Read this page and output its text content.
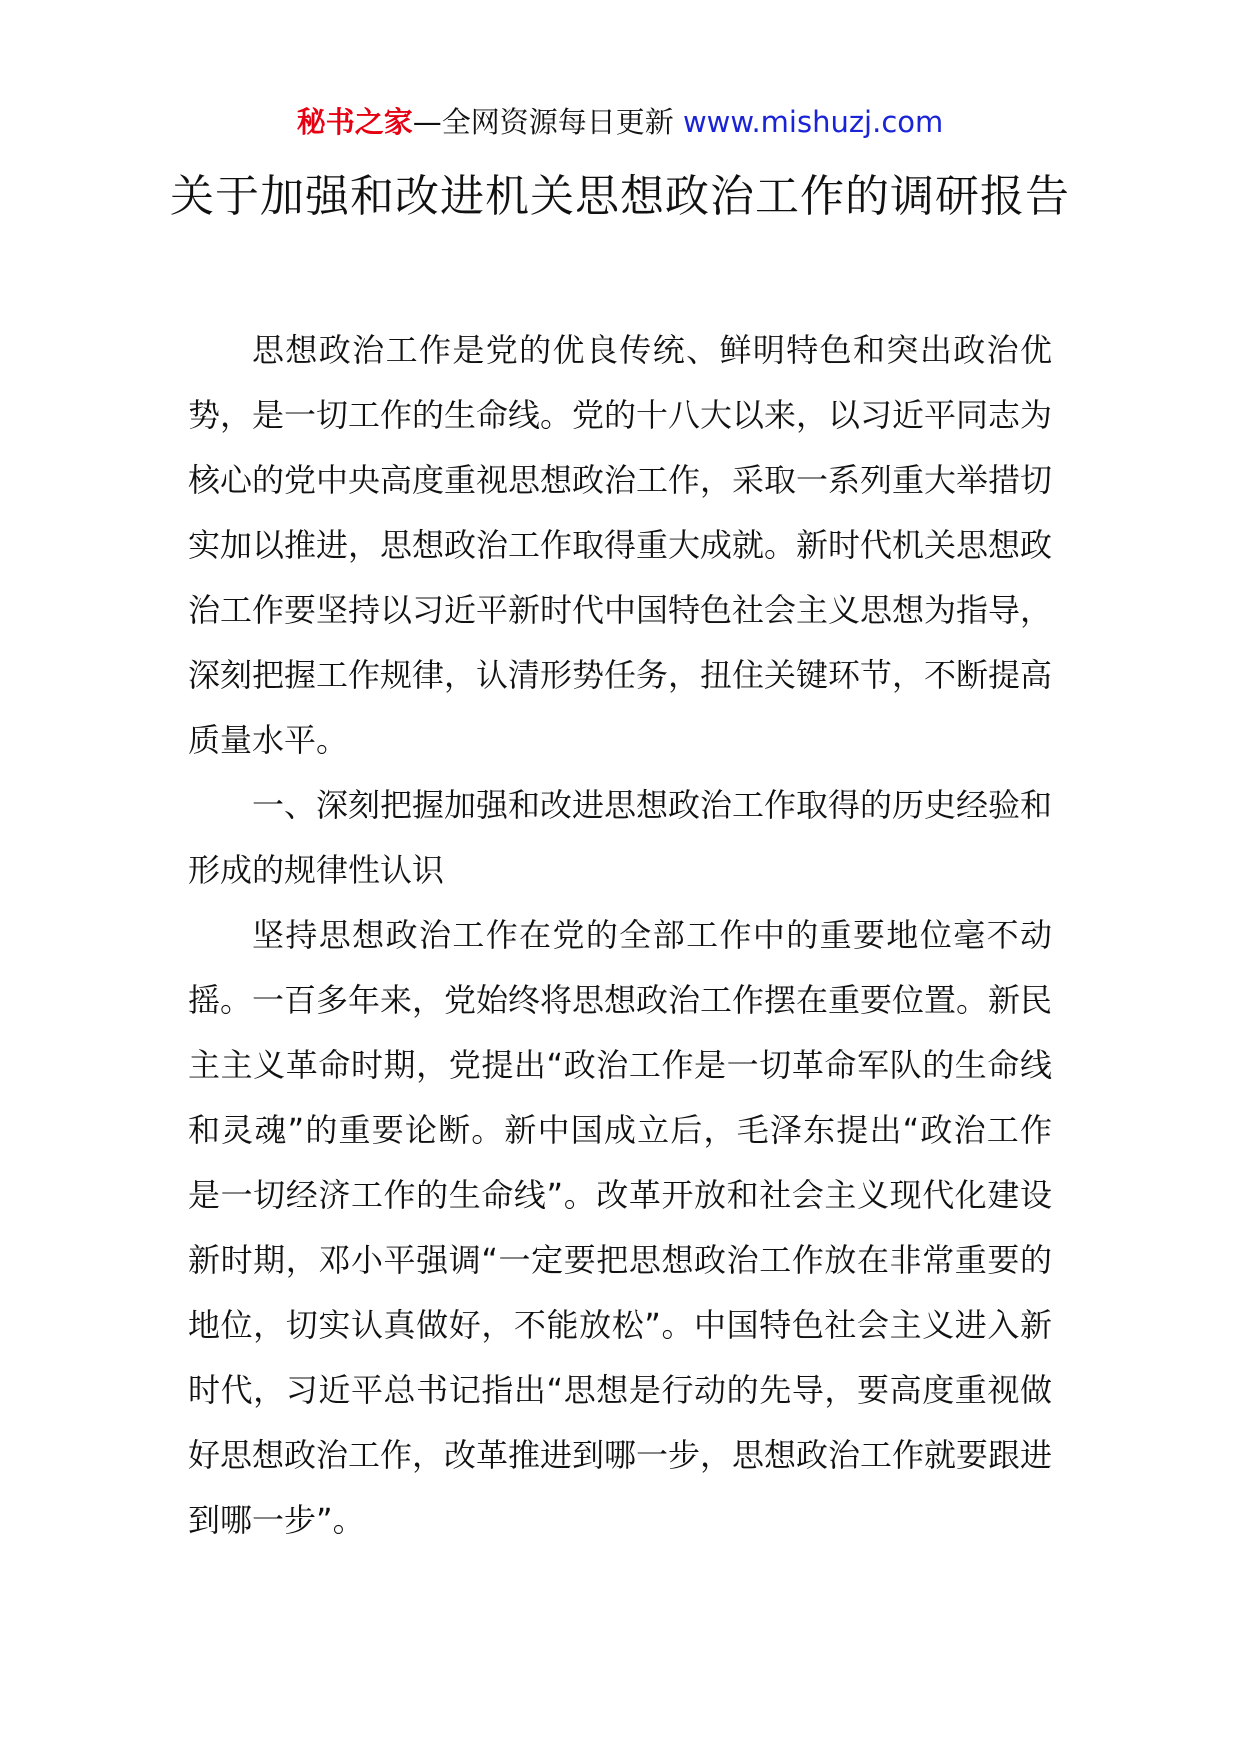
秘书之家—全网资源每日更新 www.mishuzj.com
关于加强和改进机关思想政治工作的调研报告

思想政治工作是党的优良传统、鲜明特色和突出政治优势，是一切工作的生命线。党的十八大以来，以习近平同志为核心的党中央高度重视思想政治工作，采取一系列重大举措切实加以推进，思想政治工作取得重大成就。新时代机关思想政治工作要坚持以习近平新时代中国特色社会主义思想为指导，深刻把握工作规律，认清形势任务，扭住关键环节，不断提高质量水平。

一、深刻把握加强和改进思想政治工作取得的历史经验和形成的规律性认识

坚持思想政治工作在党的全部工作中的重要地位毫不动摇。一百多年来，党始终将思想政治工作摆在重要位置。新民主主义革命时期，党提出“政治工作是一切革命军队的生命线和灵魂”的重要论断。新中国成立后，毛泽东提出“政治工作是一切经济工作的生命线”。改革开放和社会主义现代化建设新时期，邓小平强调“一定要把思想政治工作放在非常重要的地位，切实认真做好，不能放松”。中国特色社会主义进入新时代，习近平总书记指出“思想是行动的先导，要高度重视做好思想政治工作，改革推进到哪一步，思想政治工作就要跟进到哪一步”。
